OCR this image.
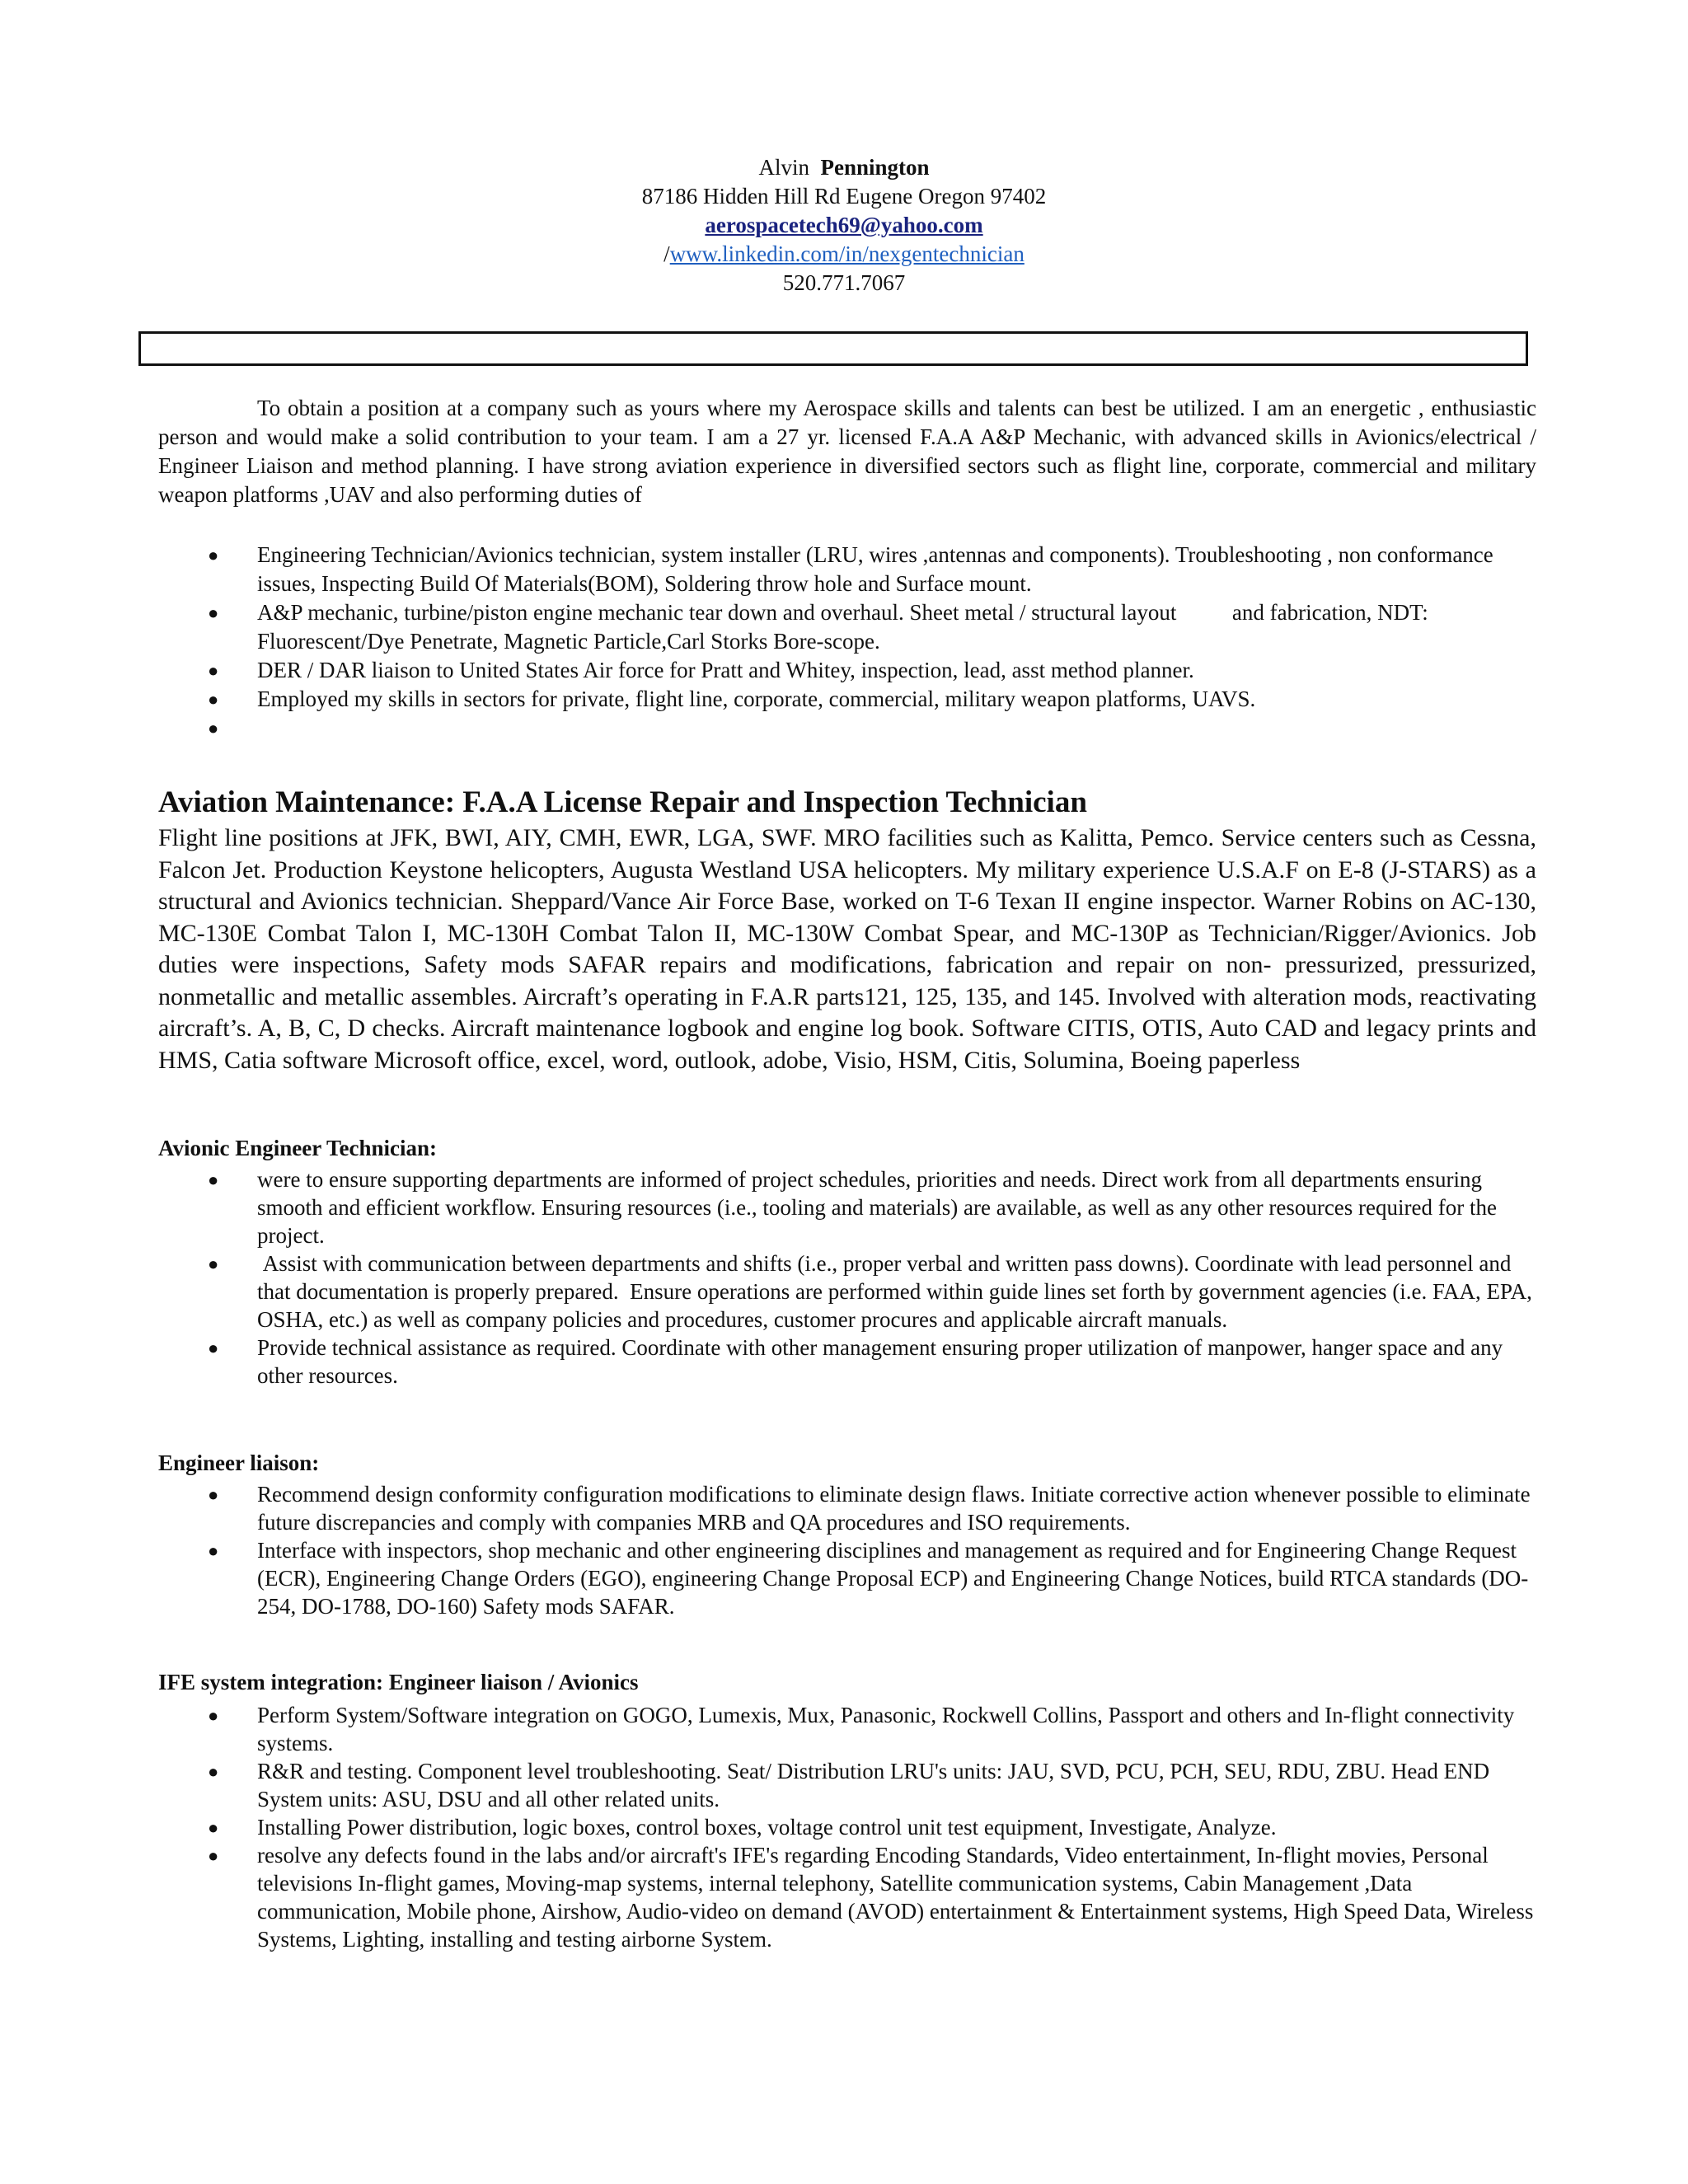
Alvin Pennington
87186 Hidden Hill Rd Eugene Oregon 97402
aerospacetech69@yahoo.com
/www.linkedin.com/in/nexgentechnician
520.771.7067

To obtain a position at a company such as yours where my Aerospace skills and talents can best be utilized. I am an energetic , enthusiastic person and would make a solid contribution to your team. I am a 27 yr. licensed F.A.A A&P Mechanic, with advanced skills in Avionics/electrical / Engineer Liaison and method planning. I have strong aviation experience in diversified sectors such as flight line, corporate, commercial and military weapon platforms ,UAV and also performing duties of

● Engineering Technician/Avionics technician, system installer (LRU, wires ,antennas and components). Troubleshooting , non conformance issues, Inspecting Build Of Materials(BOM), Soldering throw hole and Surface mount.
● A&P mechanic, turbine/piston engine mechanic tear down and overhaul. Sheet metal / structural layout          and fabrication, NDT: Fluorescent/Dye Penetrate, Magnetic Particle,Carl Storks Bore-scope.
● DER / DAR liaison to United States Air force for Pratt and Whitey, inspection, lead, asst method planner.
● Employed my skills in sectors for private, flight line, corporate, commercial, military weapon platforms, UAVS.
●
Aviation Maintenance: F.A.A License Repair and Inspection Technician

Flight line positions at JFK, BWI, AIY, CMH, EWR, LGA, SWF. MRO facilities such as Kalitta, Pemco. Service centers such as Cessna, Falcon Jet. Production Keystone helicopters, Augusta Westland USA helicopters. My military experience U.S.A.F on E-8 (J-STARS) as a structural and Avionics technician. Sheppard/Vance Air Force Base, worked on T-6 Texan II engine inspector. Warner Robins on AC-130, MC-130E Combat Talon I, MC-130H Combat Talon II, MC-130W Combat Spear, and MC-130P as Technician/Rigger/Avionics. Job duties were inspections, Safety mods SAFAR repairs and modifications, fabrication and repair on non- pressurized, pressurized, nonmetallic and metallic assembles. Aircraft’s operating in F.A.R parts121, 125, 135, and 145. Involved with alteration mods, reactivating aircraft’s. A, B, C, D checks. Aircraft maintenance logbook and engine log book. Software CITIS, OTIS, Auto CAD and legacy prints and HMS, Catia software Microsoft office, excel, word, outlook, adobe, Visio, HSM, Citis, Solumina, Boeing paperless

Avionic Engineer Technician:
● were to ensure supporting departments are informed of project schedules, priorities and needs. Direct work from all departments ensuring smooth and efficient workflow. Ensuring resources (i.e., tooling and materials) are available, as well as any other resources required for the project.
● Assist with communication between departments and shifts (i.e., proper verbal and written pass downs). Coordinate with lead personnel and that documentation is properly prepared.  Ensure operations are performed within guide lines set forth by government agencies (i.e. FAA, EPA, OSHA, etc.) as well as company policies and procedures, customer procures and applicable aircraft manuals.
● Provide technical assistance as required. Coordinate with other management ensuring proper utilization of manpower, hanger space and any other resources.
Engineer liaison:
● Recommend design conformity configuration modifications to eliminate design flaws. Initiate corrective action whenever possible to eliminate future discrepancies and comply with companies MRB and QA procedures and ISO requirements.
● Interface with inspectors, shop mechanic and other engineering disciplines and management as required and for Engineering Change Request (ECR), Engineering Change Orders (EGO), engineering Change Proposal ECP) and Engineering Change Notices, build RTCA standards (DO-254, DO-1788, DO-160) Safety mods SAFAR.
IFE system integration: Engineer liaison / Avionics
● Perform System/Software integration on GOGO, Lumexis, Mux, Panasonic, Rockwell Collins, Passport and others and In-flight connectivity systems.
● R&R and testing. Component level troubleshooting. Seat/ Distribution LRU's units: JAU, SVD, PCU, PCH, SEU, RDU, ZBU. Head END System units: ASU, DSU and all other related units.
● Installing Power distribution, logic boxes, control boxes, voltage control unit test equipment, Investigate, Analyze.
● resolve any defects found in the labs and/or aircraft's IFE's regarding Encoding Standards, Video entertainment, In-flight movies, Personal televisions In-flight games, Moving-map systems, internal telephony, Satellite communication systems, Cabin Management ,Data communication, Mobile phone, Airshow, Audio-video on demand (AVOD) entertainment & Entertainment systems, High Speed Data, Wireless Systems, Lighting, installing and testing airborne System.
